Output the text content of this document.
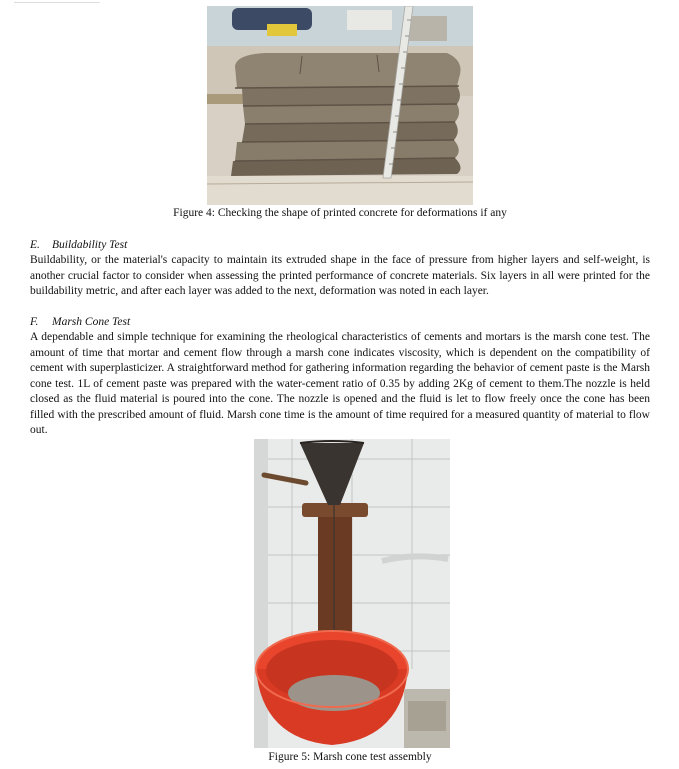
Figure 4: Checking the shape of printed concrete for deformations if any
E. Buildability Test

Buildability, or the material's capacity to maintain its extruded shape in the face of pressure from higher layers and self-weight, is another crucial factor to consider when assessing the printed performance of concrete materials. Six layers in all were printed for the buildability metric, and after each layer was added to the next, deformation was noted in each layer.

F. Marsh Cone Test

A dependable and simple technique for examining the rheological characteristics of cements and mortars is the marsh cone test. The amount of time that mortar and cement flow through a marsh cone indicates viscosity, which is dependent on the compatibility of cement with superplasticizer. A straightforward method for gathering information regarding the behavior of cement paste is the Marsh cone test. 1L of cement paste was prepared with the water-cement ratio of 0.35 by adding 2Kg of cement to them.The nozzle is held closed as the fluid material is poured into the cone. The nozzle is opened and the fluid is let to flow freely once the cone has been filled with the prescribed amount of fluid. Marsh cone time is the amount of time required for a measured quantity of material to flow out.

Figure 5: Marsh cone test assembly
